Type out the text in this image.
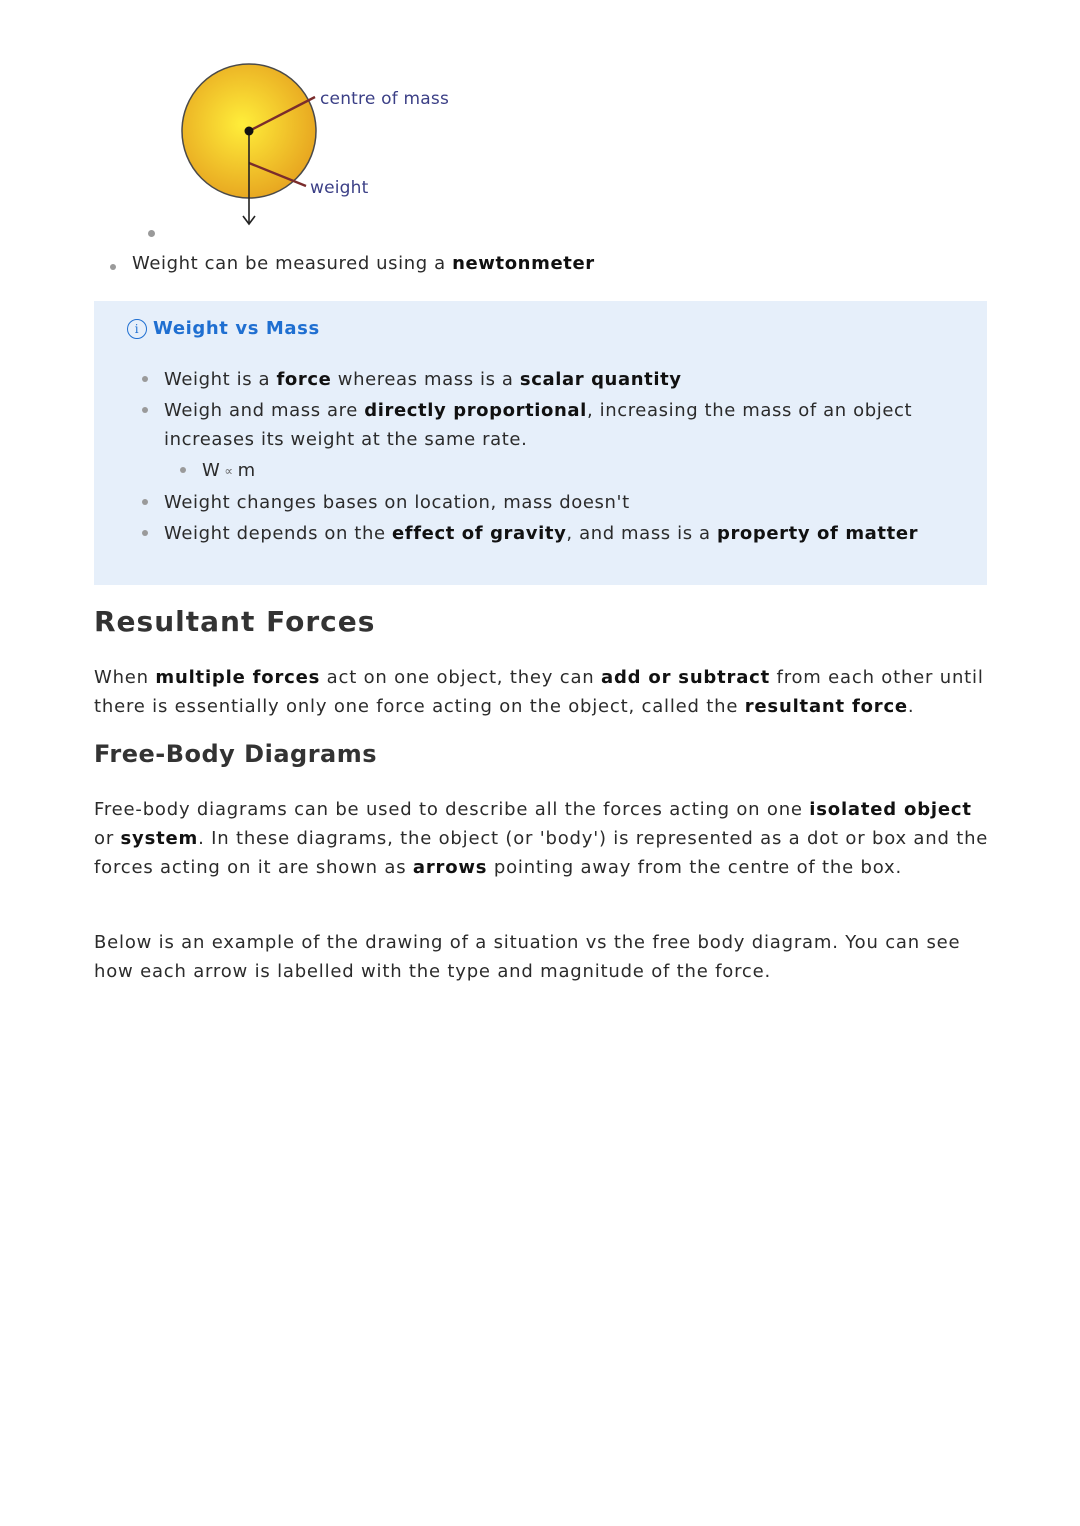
centre of mass
weight
Weight can be measured using a newtonmeter
i Weight vs Mass
Weight is a force whereas mass is a scalar quantity
Weigh and mass are directly proportional, increasing the mass of an object increases its weight at the same rate.
W ∝ m
Weight changes bases on location, mass doesn't
Weight depends on the effect of gravity, and mass is a property of matter
Resultant Forces

When multiple forces act on one object, they can add or subtract from each other until there is essentially only one force acting on the object, called the resultant force.

Free-Body Diagrams

Free-body diagrams can be used to describe all the forces acting on one isolated object or system. In these diagrams, the object (or 'body') is represented as a dot or box and the forces acting on it are shown as arrows pointing away from the centre of the box.

Below is an example of the drawing of a situation vs the free body diagram. You can see how each arrow is labelled with the type and magnitude of the force.
